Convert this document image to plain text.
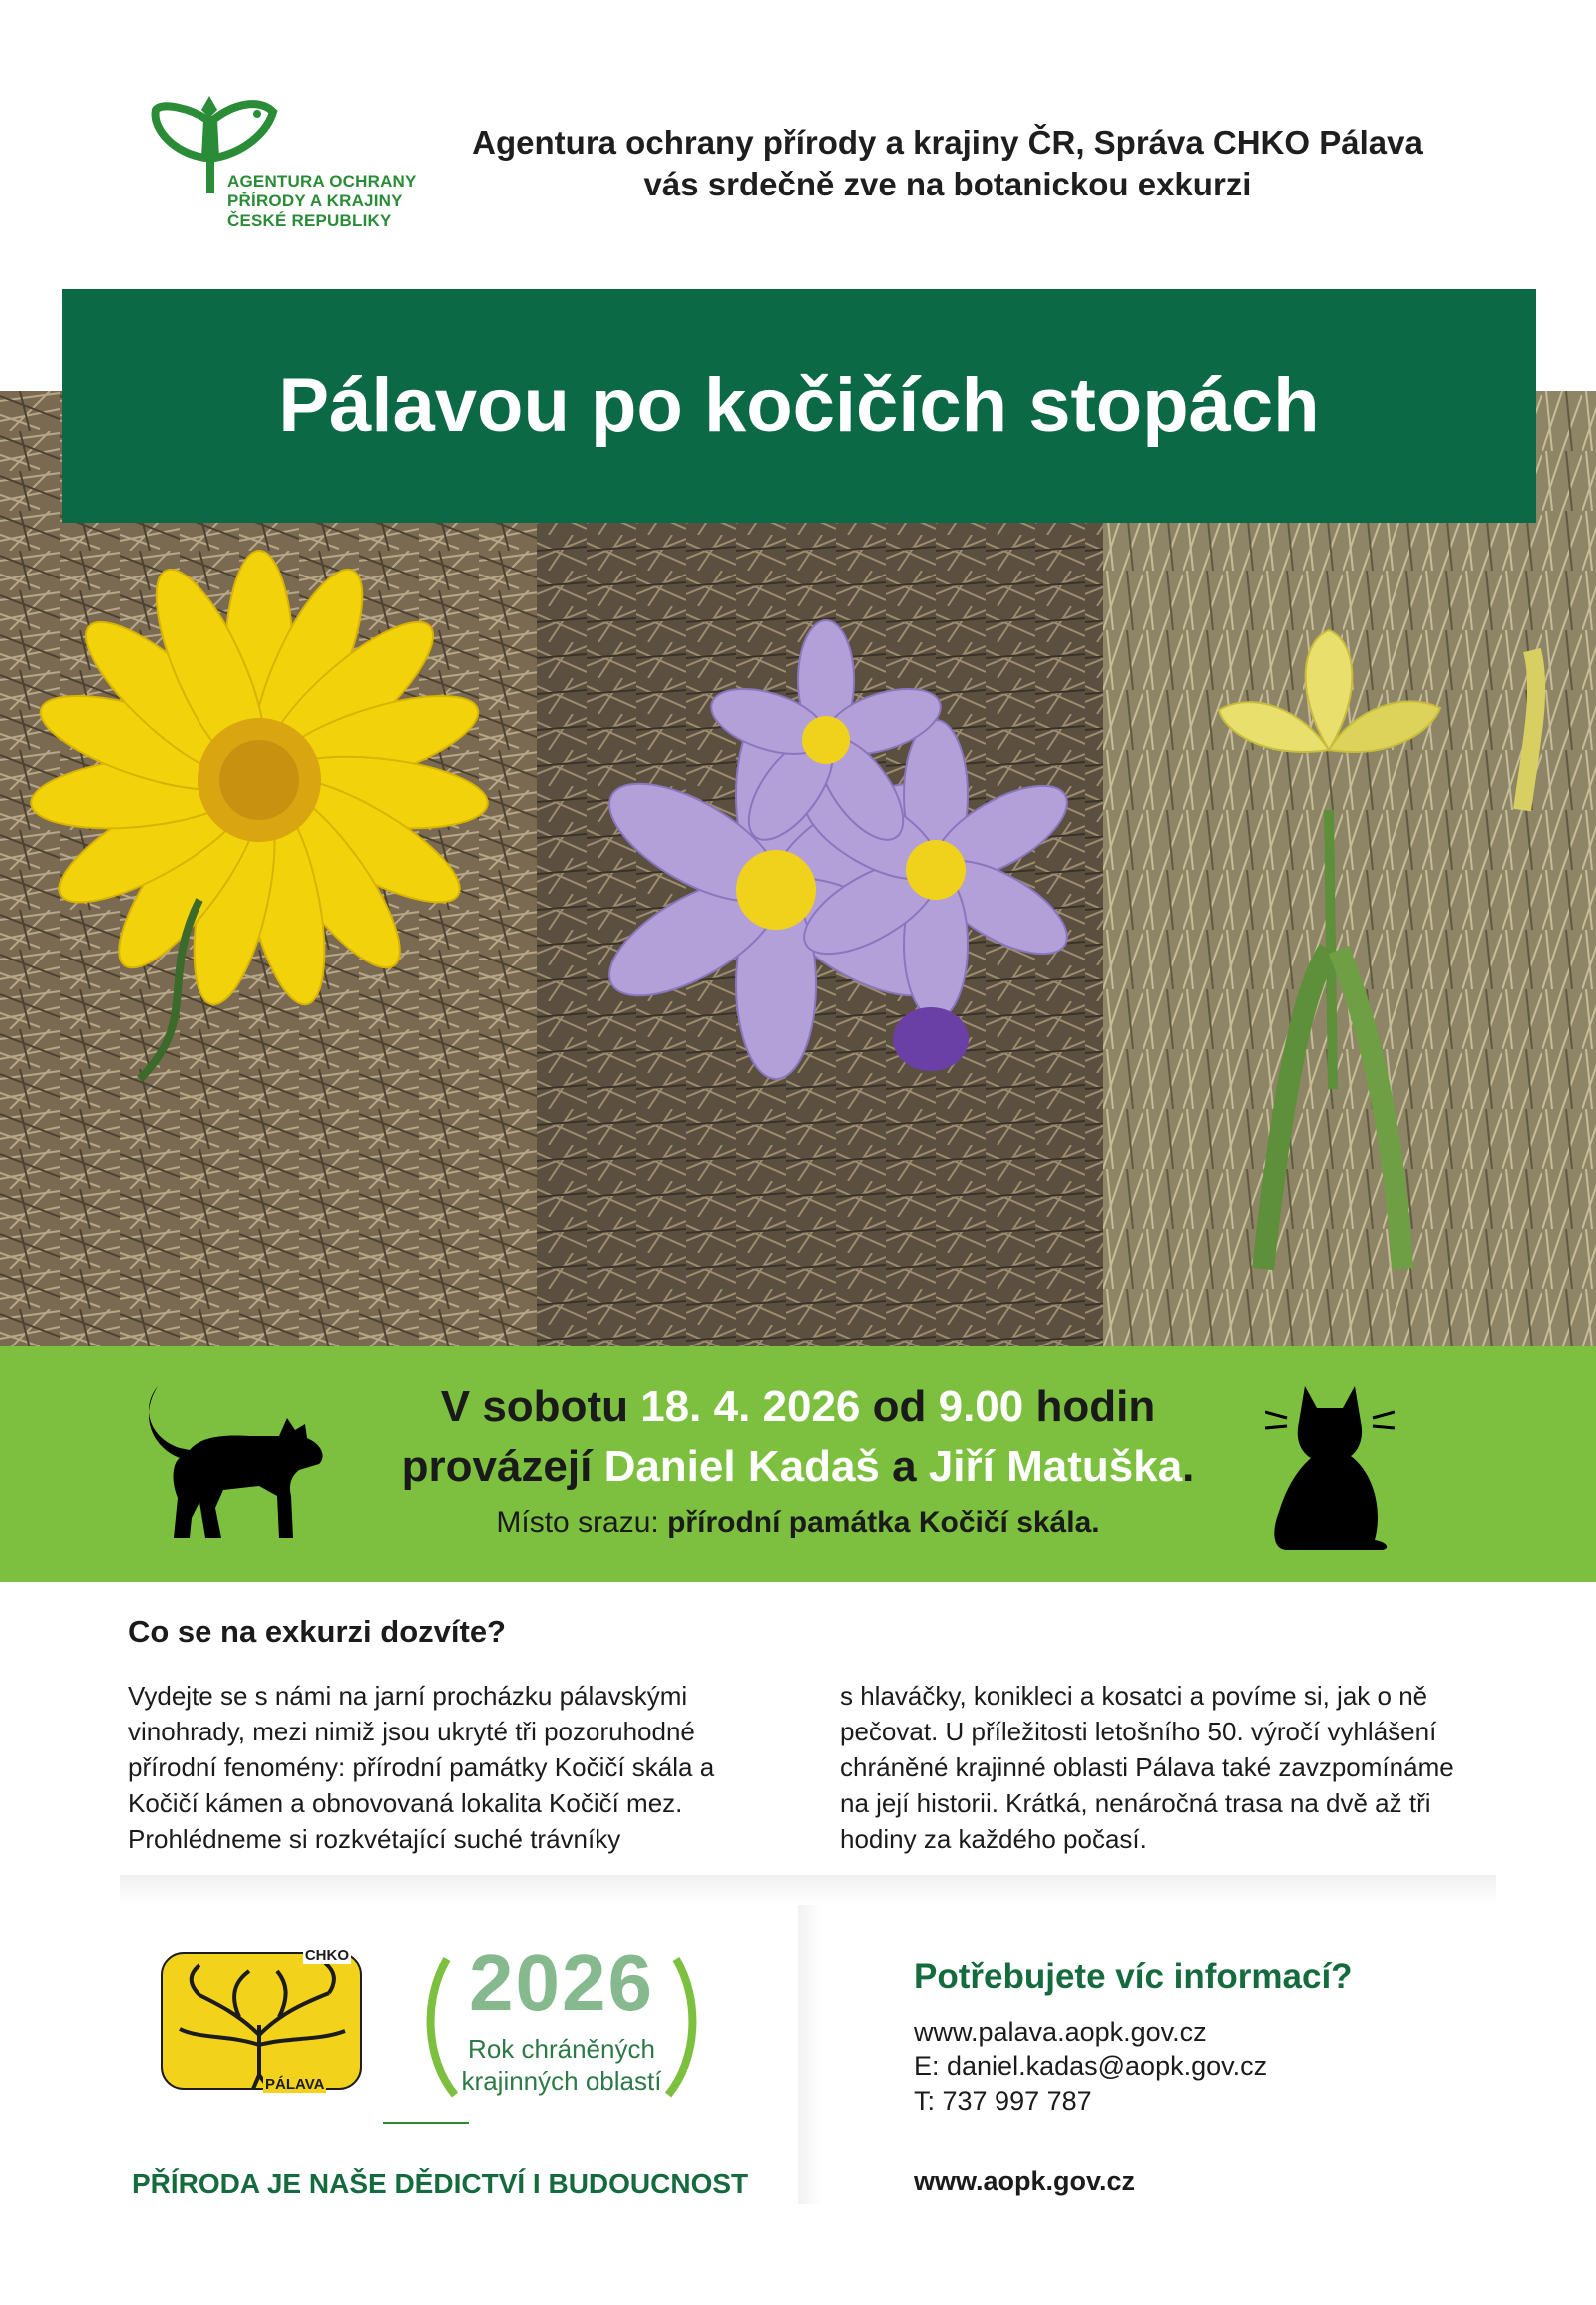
AGENTURA OCHRANY
PŘÍRODY A KRAJINY
ČESKÉ REPUBLIKY
Agentura ochrany přírody a krajiny ČR, Správa CHKO Pálava
vás srdečně zve na botanickou exkurzi
Pálavou po kočičích stopách
V sobotu 18. 4. 2026 od 9.00 hodin
provázejí Daniel Kadaš a Jiří Matuška.
Místo srazu: přírodní památka Kočičí skála.
Co se na exkurzi dozvíte?
Vydejte se s námi na jarní procházku pálavskými vinohrady, mezi nimiž jsou ukryté tři pozoruhodné přírodní fenomény: přírodní památky Kočičí skála a Kočičí kámen a obnovovaná lokalita Kočičí mez. Prohlédneme si rozkvétající suché trávníky
s hlaváčky, konikleci a kosatci a povíme si, jak o ně pečovat. U příležitosti letošního 50. výročí vyhlášení chráněné krajinné oblasti Pálava také zavzpomínáme na její historii. Krátká, nenáročná trasa na dvě až tři hodiny za každého počasí.
CHKO
PÁLAVA
2026
Rok chráněných
krajinných oblastí
PŘÍRODA JE NAŠE DĚDICTVÍ I BUDOUCNOST
Potřebujete víc informací?
www.palava.aopk.gov.cz
E: daniel.kadas@aopk.gov.cz
T: 737 997 787
www.aopk.gov.cz
